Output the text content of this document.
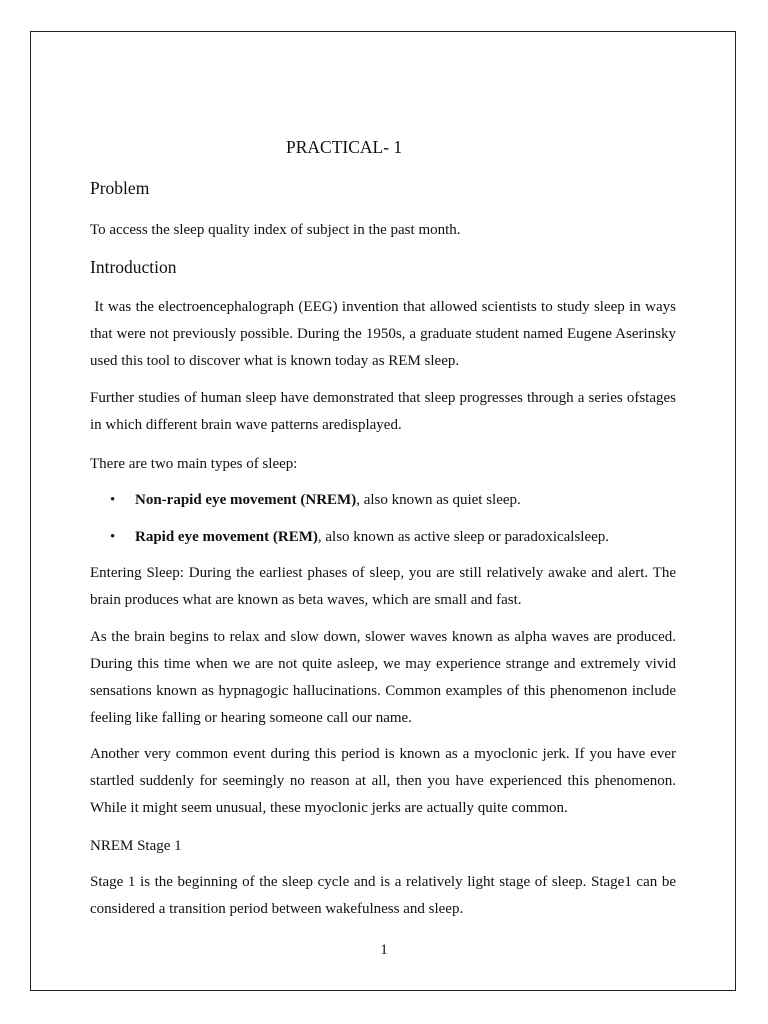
PRACTICAL- 1
Problem

To access the sleep quality index of subject in the past month.

Introduction

It was the electroencephalograph (EEG) invention that allowed scientists to study sleep in ways that were not previously possible. During the 1950s, a graduate student named Eugene Aserinsky used this tool to discover what is known today as REM sleep.

Further studies of human sleep have demonstrated that sleep progresses through a series ofstages in which different brain wave patterns aredisplayed.

There are two main types of sleep:

• Non-rapid eye movement (NREM), also known as quiet sleep.
• Rapid eye movement (REM), also known as active sleep or paradoxicalsleep.

Entering Sleep: During the earliest phases of sleep, you are still relatively awake and alert. The brain produces what are known as beta waves, which are small and fast.

As the brain begins to relax and slow down, slower waves known as alpha waves are produced. During this time when we are not quite asleep, we may experience strange and extremely vivid sensations known as hypnagogic hallucinations. Common examples of this phenomenon include feeling like falling or hearing someone call our name.

Another very common event during this period is known as a myoclonic jerk. If you have ever startled suddenly for seemingly no reason at all, then you have experienced this phenomenon. While it might seem unusual, these myoclonic jerks are actually quite common.

NREM Stage 1

Stage 1 is the beginning of the sleep cycle and is a relatively light stage of sleep. Stage1 can be considered a transition period between wakefulness and sleep.

1
